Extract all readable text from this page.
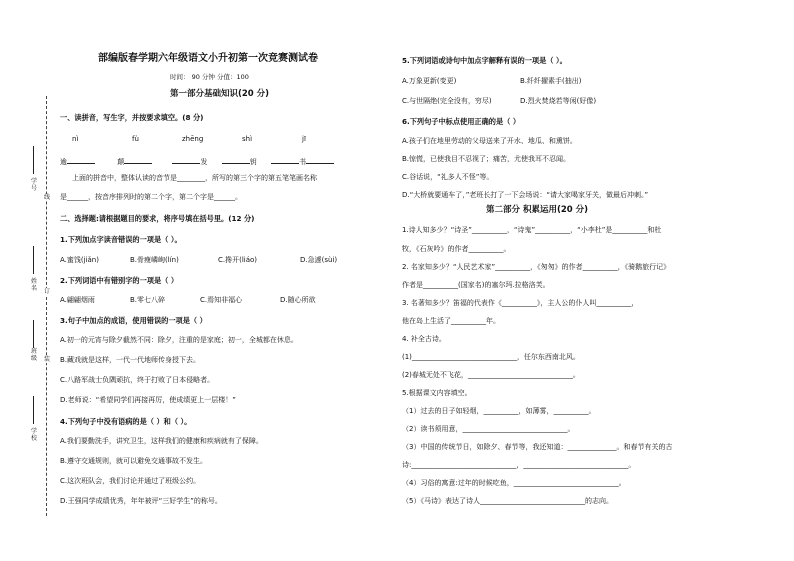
学号
姓名
班级
学校
线
订
装
部编版春学期六年级语文小升初第一次竞赛测试卷
时间： 90 分钟 分值：100
第一部分基础知识(20 分)
一、读拼音，写生字，并按要求填空。(8 分)
nì	fù	zhēng	shì	jī
逾	颠	发	钥	书
上面的拼音中，整体认读的音节是________，所写的第三个字的第五笔笔画名称
是______，按音序排列时的第二个字，第二个字是______。
二、选择题:请根据题目的要求，将序号填在括号里。(12 分)
1.下列加点字读音错误的一项是（ ）。
A.蜜饯(jiǎn)	B.骨瘦嶙峋(lín)	C.搀开(liáo)	D.急遽(sùi)
2.下列词语中有错别字的一项是（ ）
A.翩翩烟雨	B.零七八碎	C.焉知非福心	D.随心所欲
3.句子中加点的成语，使用错误的一项是（ ）
A.初一的元宵与除夕截然不同：除夕，注重的是家庭；初一，全城都在休息。
B.藏戏就是这样，一代一代地师传身授下去。
C.八路军战士负隅顽抗，终于打败了日本侵略者。
D.老师说：“希望同学们再接再厉，使成绩更上一层楼！”
4.下列句子中没有语病的是（ ）和（ ）。
A.我们要勤洗手，讲究卫生，这样我们的健康和疾病就有了保障。
B.遵守交通规则，就可以避免交通事故不发生。
C.这次班队会，我们讨论并通过了班级公约。
D.王强同学成绩优秀，年年被评“三好学生”的称号。
5.下列词语或诗句中加点字解释有误的一项是（ ）。
A.万象更新(变更)	B.纤纤擢素手(抽出)
C.与世隔绝(完全没有，穷尽)	D.烈火焚烧若等闲(好像)
6.下列句子中标点使用正确的是（ ）
A.孩子们在地里劳动的父母送来了开水、地瓜、和熏饼。
B.惊慌，已使我目不忍视了；痛苦，尤使我耳不忍闻。
C.谷话说，“礼多人不怪”等。
D.“大桥就要通车了，”老班长打了一下会场说：“请大家喝家牙关，做最后冲刺。”
第二部分 积累运用(20 分)
1.诗人知多少？“诗圣”__________，“诗鬼”__________，“小李杜”是__________和杜
牧，《石灰吟》的作者__________。
2. 名家知多少？“人民艺术家”__________，《匆匆》的作者__________，《骑鹅旅行记》
作者是__________(国家名)的塞尔玛.拉格洛芙。
3. 名著知多少？笛福的代表作《__________》，主人公的仆人叫__________，
他在岛上生活了__________年。
4. 补全古诗。
(1)______________________________，任尔东西南北风。
(2)春城无处不飞花，______________________________。
5.根据课文内容填空。
（1）过去的日子如轻烟，__________，如薄雾，__________。
（2）读书须用意，______________________________。
（3）中国的传统节日，如除夕、春节等，我还知道：______________。和春节有关的古
诗:______________________________，______________________________。
（4）习俗的寓意:过年的时候吃鱼，______________________________。
（5）《马诗》表达了诗人______________________________的志向。
